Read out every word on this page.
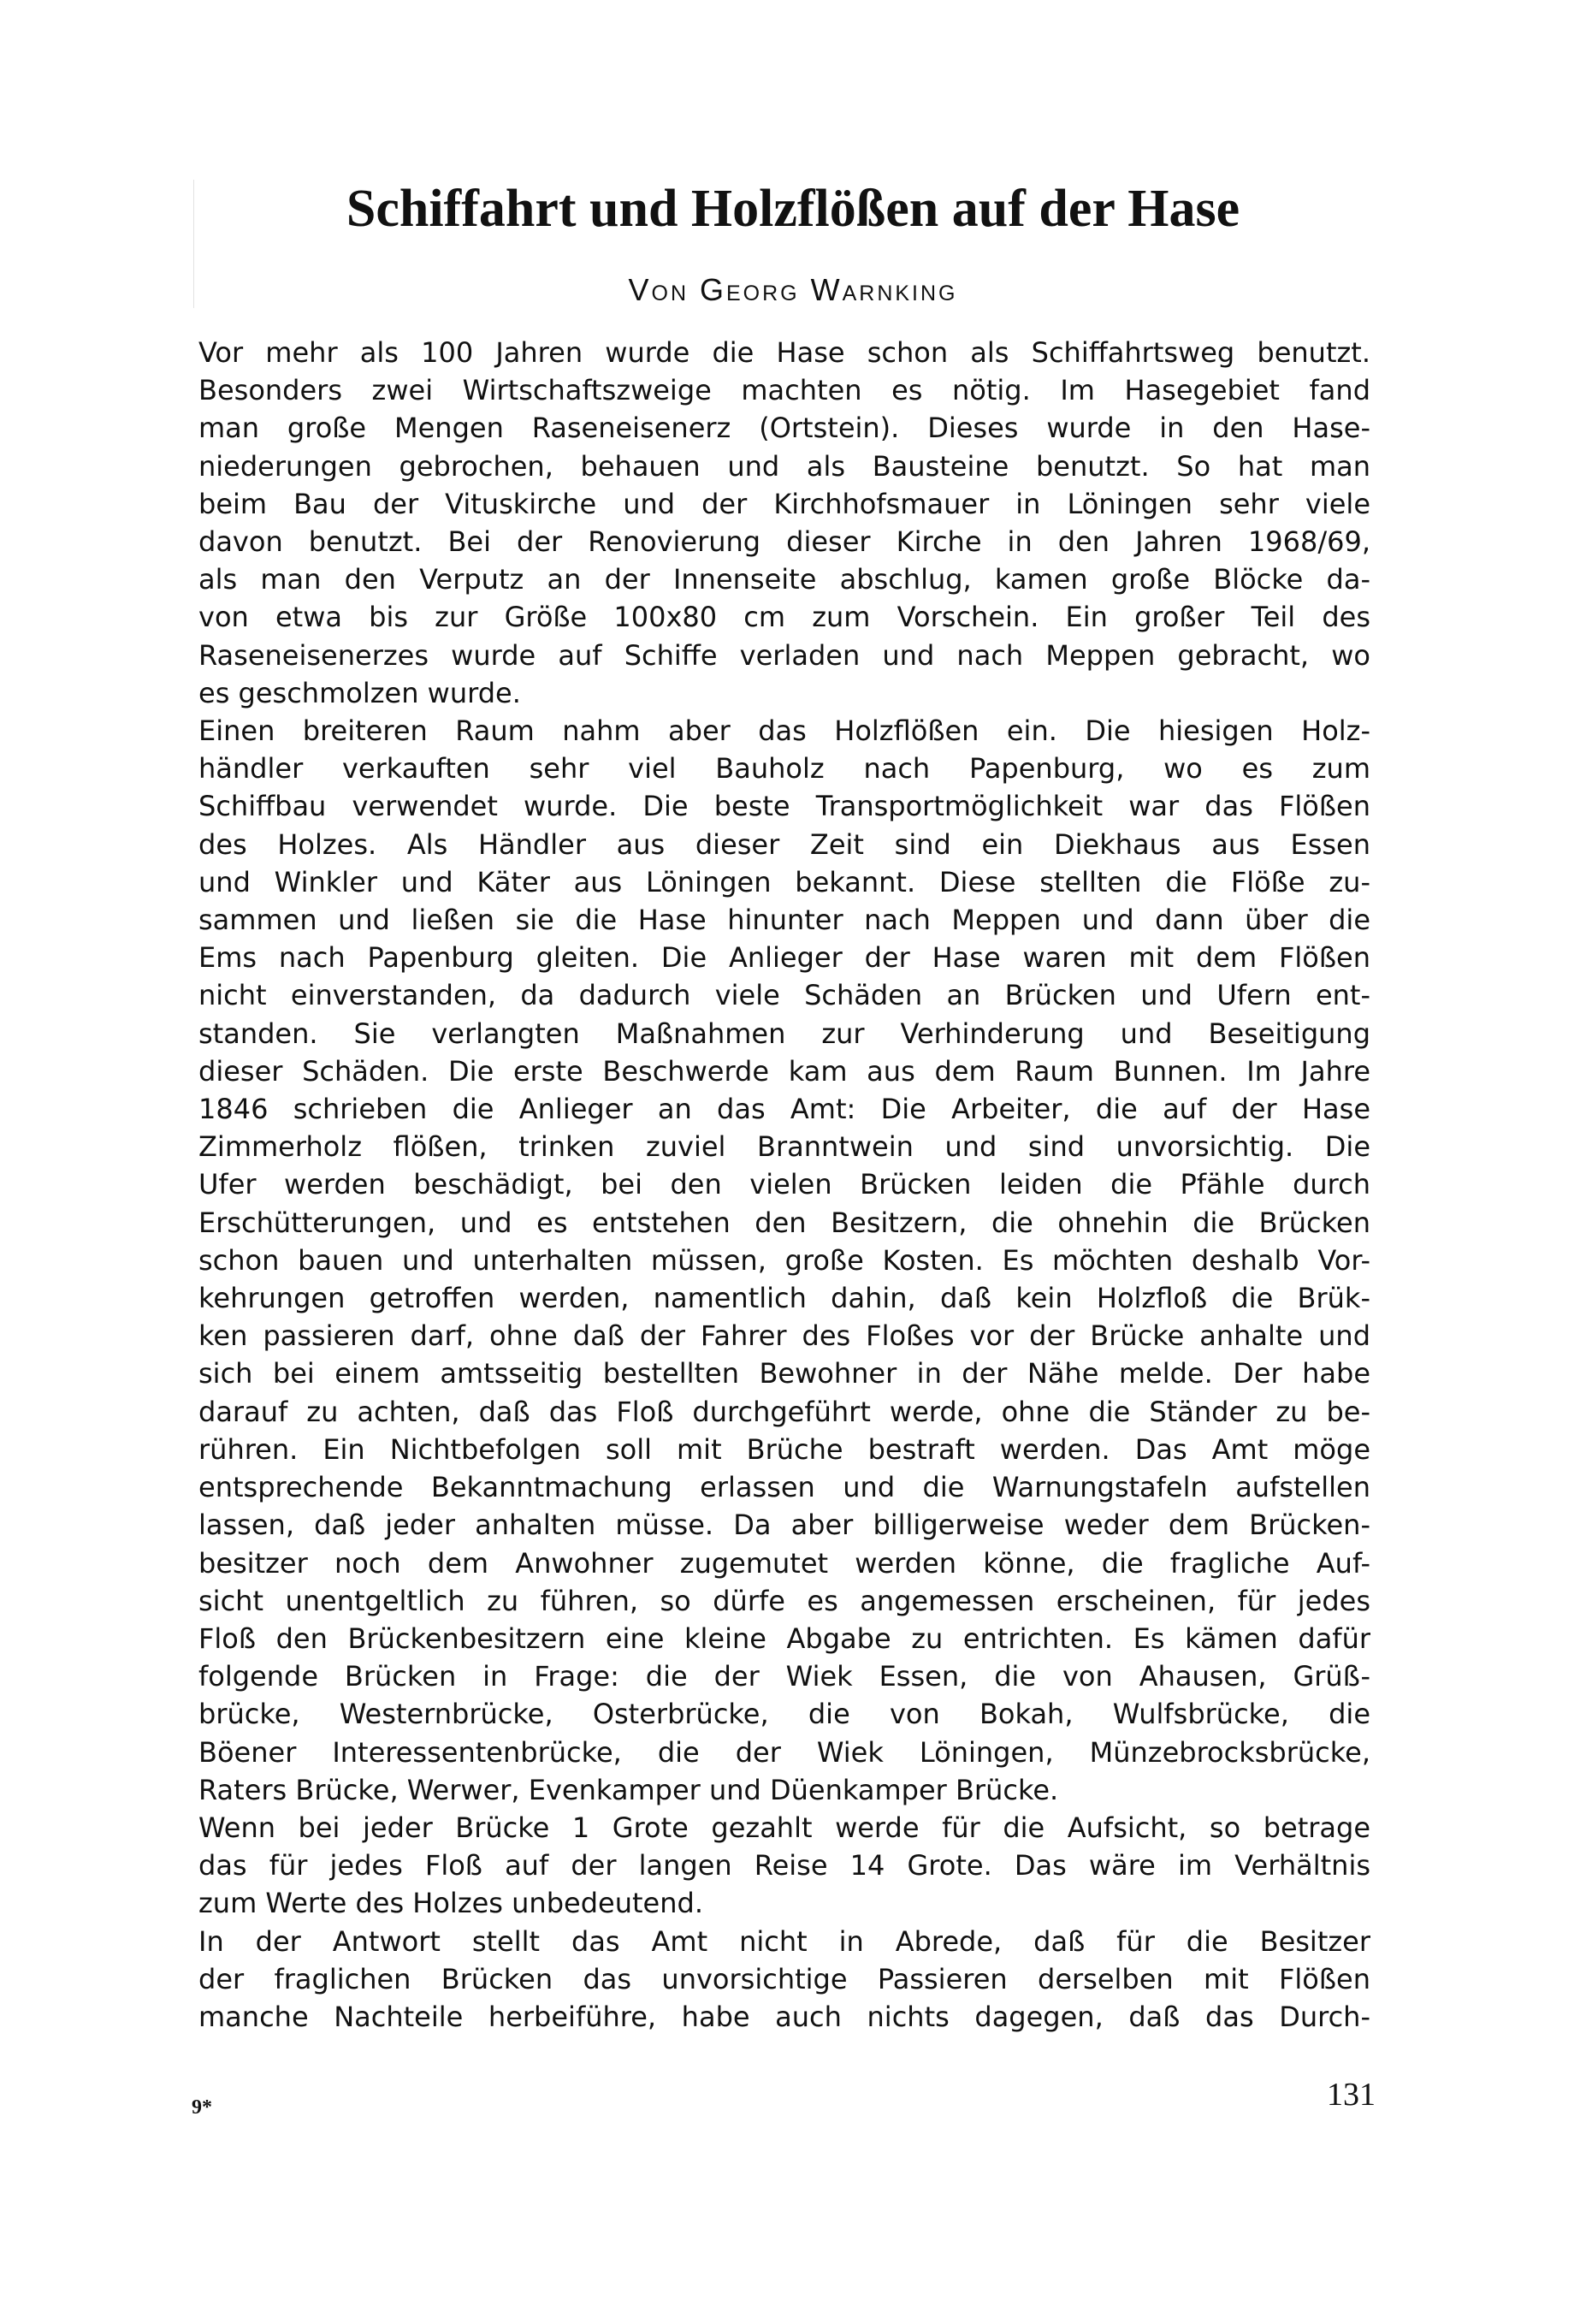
Schiffahrt und Holzflößen auf der Hase
Von Georg Warnking

Vor mehr als 100 Jahren wurde die Hase schon als Schiffahrtsweg benutzt.
Besonders zwei Wirtschaftszweige machten es nötig. Im Hasegebiet fand
man große Mengen Raseneisenerz (Ortstein). Dieses wurde in den Hase-
niederungen gebrochen, behauen und als Bausteine benutzt. So hat man
beim Bau der Vituskirche und der Kirchhofsmauer in Löningen sehr viele
davon benutzt. Bei der Renovierung dieser Kirche in den Jahren 1968/69,
als man den Verputz an der Innenseite abschlug, kamen große Blöcke da-
von etwa bis zur Größe 100x80 cm zum Vorschein. Ein großer Teil des
Raseneisenerzes wurde auf Schiffe verladen und nach Meppen gebracht, wo
es geschmolzen wurde.

Einen breiteren Raum nahm aber das Holzflößen ein. Die hiesigen Holz-
händler verkauften sehr viel Bauholz nach Papenburg, wo es zum
Schiffbau verwendet wurde. Die beste Transportmöglichkeit war das Flößen
des Holzes. Als Händler aus dieser Zeit sind ein Diekhaus aus Essen
und Winkler und Käter aus Löningen bekannt. Diese stellten die Flöße zu-
sammen und ließen sie die Hase hinunter nach Meppen und dann über die
Ems nach Papenburg gleiten. Die Anlieger der Hase waren mit dem Flößen
nicht einverstanden, da dadurch viele Schäden an Brücken und Ufern ent-
standen. Sie verlangten Maßnahmen zur Verhinderung und Beseitigung
dieser Schäden. Die erste Beschwerde kam aus dem Raum Bunnen. Im Jahre
1846 schrieben die Anlieger an das Amt: Die Arbeiter, die auf der Hase
Zimmerholz flößen, trinken zuviel Branntwein und sind unvorsichtig. Die
Ufer werden beschädigt, bei den vielen Brücken leiden die Pfähle durch
Erschütterungen, und es entstehen den Besitzern, die ohnehin die Brücken
schon bauen und unterhalten müssen, große Kosten. Es möchten deshalb Vor-
kehrungen getroffen werden, namentlich dahin, daß kein Holzfloß die Brük-
ken passieren darf, ohne daß der Fahrer des Floßes vor der Brücke anhalte und
sich bei einem amtsseitig bestellten Bewohner in der Nähe melde. Der habe
darauf zu achten, daß das Floß durchgeführt werde, ohne die Ständer zu be-
rühren. Ein Nichtbefolgen soll mit Brüche bestraft werden. Das Amt möge
entsprechende Bekanntmachung erlassen und die Warnungstafeln aufstellen
lassen, daß jeder anhalten müsse. Da aber billigerweise weder dem Brücken-
besitzer noch dem Anwohner zugemutet werden könne, die fragliche Auf-
sicht unentgeltlich zu führen, so dürfe es angemessen erscheinen, für jedes
Floß den Brückenbesitzern eine kleine Abgabe zu entrichten. Es kämen dafür
folgende Brücken in Frage: die der Wiek Essen, die von Ahausen, Grüß-
brücke, Westernbrücke, Osterbrücke, die von Bokah, Wulfsbrücke, die
Böener Interessentenbrücke, die der Wiek Löningen, Münzebrocksbrücke,
Raters Brücke, Werwer, Evenkamper und Düenkamper Brücke.

Wenn bei jeder Brücke 1 Grote gezahlt werde für die Aufsicht, so betrage
das für jedes Floß auf der langen Reise 14 Grote. Das wäre im Verhältnis
zum Werte des Holzes unbedeutend.

In der Antwort stellt das Amt nicht in Abrede, daß für die Besitzer
der fraglichen Brücken das unvorsichtige Passieren derselben mit Flößen
manche Nachteile herbeiführe, habe auch nichts dagegen, daß das Durch-

9*	131
